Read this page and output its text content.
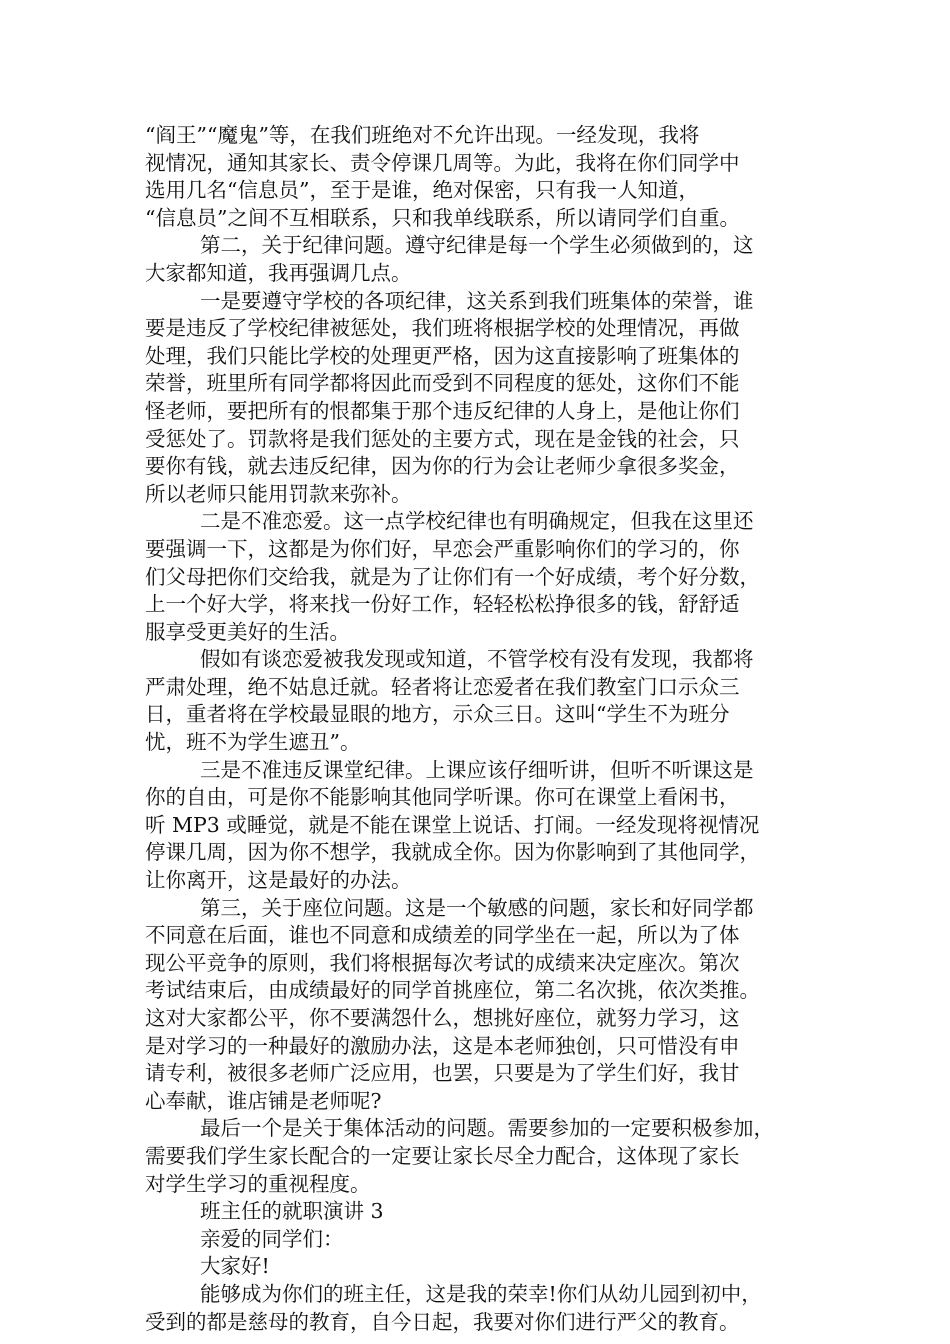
“阎王”“魔鬼”等，在我们班绝对不允许出现。一经发现，我将
视情况，通知其家长、责令停课几周等。为此，我将在你们同学中
选用几名“信息员”，至于是谁，绝对保密，只有我一人知道，
“信息员”之间不互相联系，只和我单线联系，所以请同学们自重。
第二，关于纪律问题。遵守纪律是每一个学生必须做到的，这
大家都知道，我再强调几点。
一是要遵守学校的各项纪律，这关系到我们班集体的荣誉，谁
要是违反了学校纪律被惩处，我们班将根据学校的处理情况，再做
处理，我们只能比学校的处理更严格，因为这直接影响了班集体的
荣誉，班里所有同学都将因此而受到不同程度的惩处，这你们不能
怪老师，要把所有的恨都集于那个违反纪律的人身上，是他让你们
受惩处了。罚款将是我们惩处的主要方式，现在是金钱的社会，只
要你有钱，就去违反纪律，因为你的行为会让老师少拿很多奖金，
所以老师只能用罚款来弥补。
二是不准恋爱。这一点学校纪律也有明确规定，但我在这里还
要强调一下，这都是为你们好，早恋会严重影响你们的学习的，你
们父母把你们交给我，就是为了让你们有一个好成绩，考个好分数，
上一个好大学，将来找一份好工作，轻轻松松挣很多的钱，舒舒适
服享受更美好的生活。
假如有谈恋爱被我发现或知道，不管学校有没有发现，我都将
严肃处理，绝不姑息迁就。轻者将让恋爱者在我们教室门口示众三
日，重者将在学校最显眼的地方，示众三日。这叫“学生不为班分
忧，班不为学生遮丑”。
三是不准违反课堂纪律。上课应该仔细听讲，但听不听课这是
你的自由，可是你不能影响其他同学听课。你可在课堂上看闲书，
听 MP3 或睡觉，就是不能在课堂上说话、打闹。一经发现将视情况
停课几周，因为你不想学，我就成全你。因为你影响到了其他同学，
让你离开，这是最好的办法。
第三，关于座位问题。这是一个敏感的问题，家长和好同学都
不同意在后面，谁也不同意和成绩差的同学坐在一起，所以为了体
现公平竞争的原则，我们将根据每次考试的成绩来决定座次。第次
考试结束后，由成绩最好的同学首挑座位，第二名次挑，依次类推。
这对大家都公平，你不要满怨什么，想挑好座位，就努力学习，这
是对学习的一种最好的激励办法，这是本老师独创，只可惜没有申
请专利，被很多老师广泛应用，也罢，只要是为了学生们好，我甘
心奉献，谁店铺是老师呢?
最后一个是关于集体活动的问题。需要参加的一定要积极参加，
需要我们学生家长配合的一定要让家长尽全力配合，这体现了家长
对学生学习的重视程度。
班主任的就职演讲 3
亲爱的同学们：
大家好!
能够成为你们的班主任，这是我的荣幸!你们从幼儿园到初中，
受到的都是慈母的教育，自今日起，我要对你们进行严父的教育。
